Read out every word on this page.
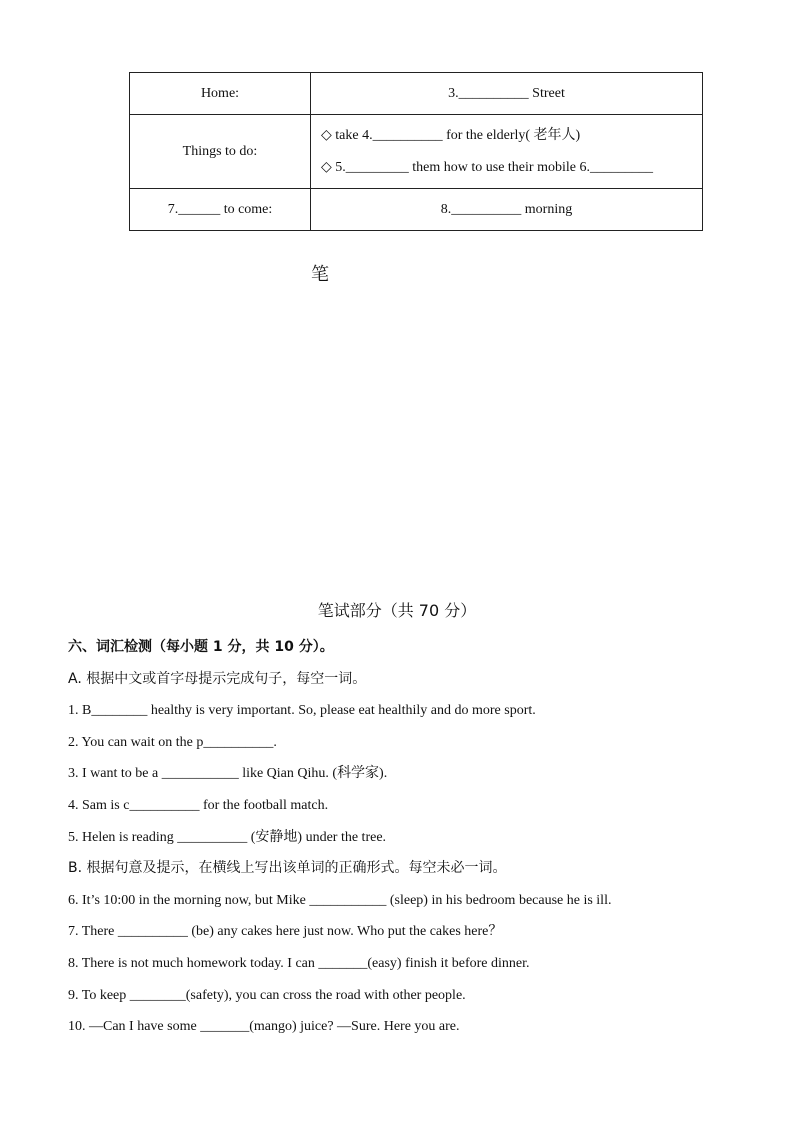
Home:	3.__________ Street
Things to do:	◇ take 4.__________ for the elderly( 老年人)
◇ 5._________ them how to use their mobile 6._________

7.______ to come:	8.__________ morning
笔
笔试部分（共 70 分）
六、词汇检测（每小题 1 分，共 10 分）。
A. 根据中文或首字母提示完成句子，每空一词。
1. B________ healthy is very important. So, please eat healthily and do more sport.
2. You can wait on the p__________.
3. I want to be a ___________ like Qian Qihu. (科学家).
4. Sam is c__________ for the football match.
5. Helen is reading __________ (安静地) under the tree.
B. 根据句意及提示，在横线上写出该单词的正确形式。每空未必一词。
6. It’s 10:00 in the morning now, but Mike ___________ (sleep) in his bedroom because he is ill.
7. There __________ (be) any cakes here just now. Who put the cakes here？
8. There is not much homework today. I can _______(easy) finish it before dinner.
9. To keep ________(safety), you can cross the road with other people.
10. —Can I have some _______(mango) juice? —Sure. Here you are.
